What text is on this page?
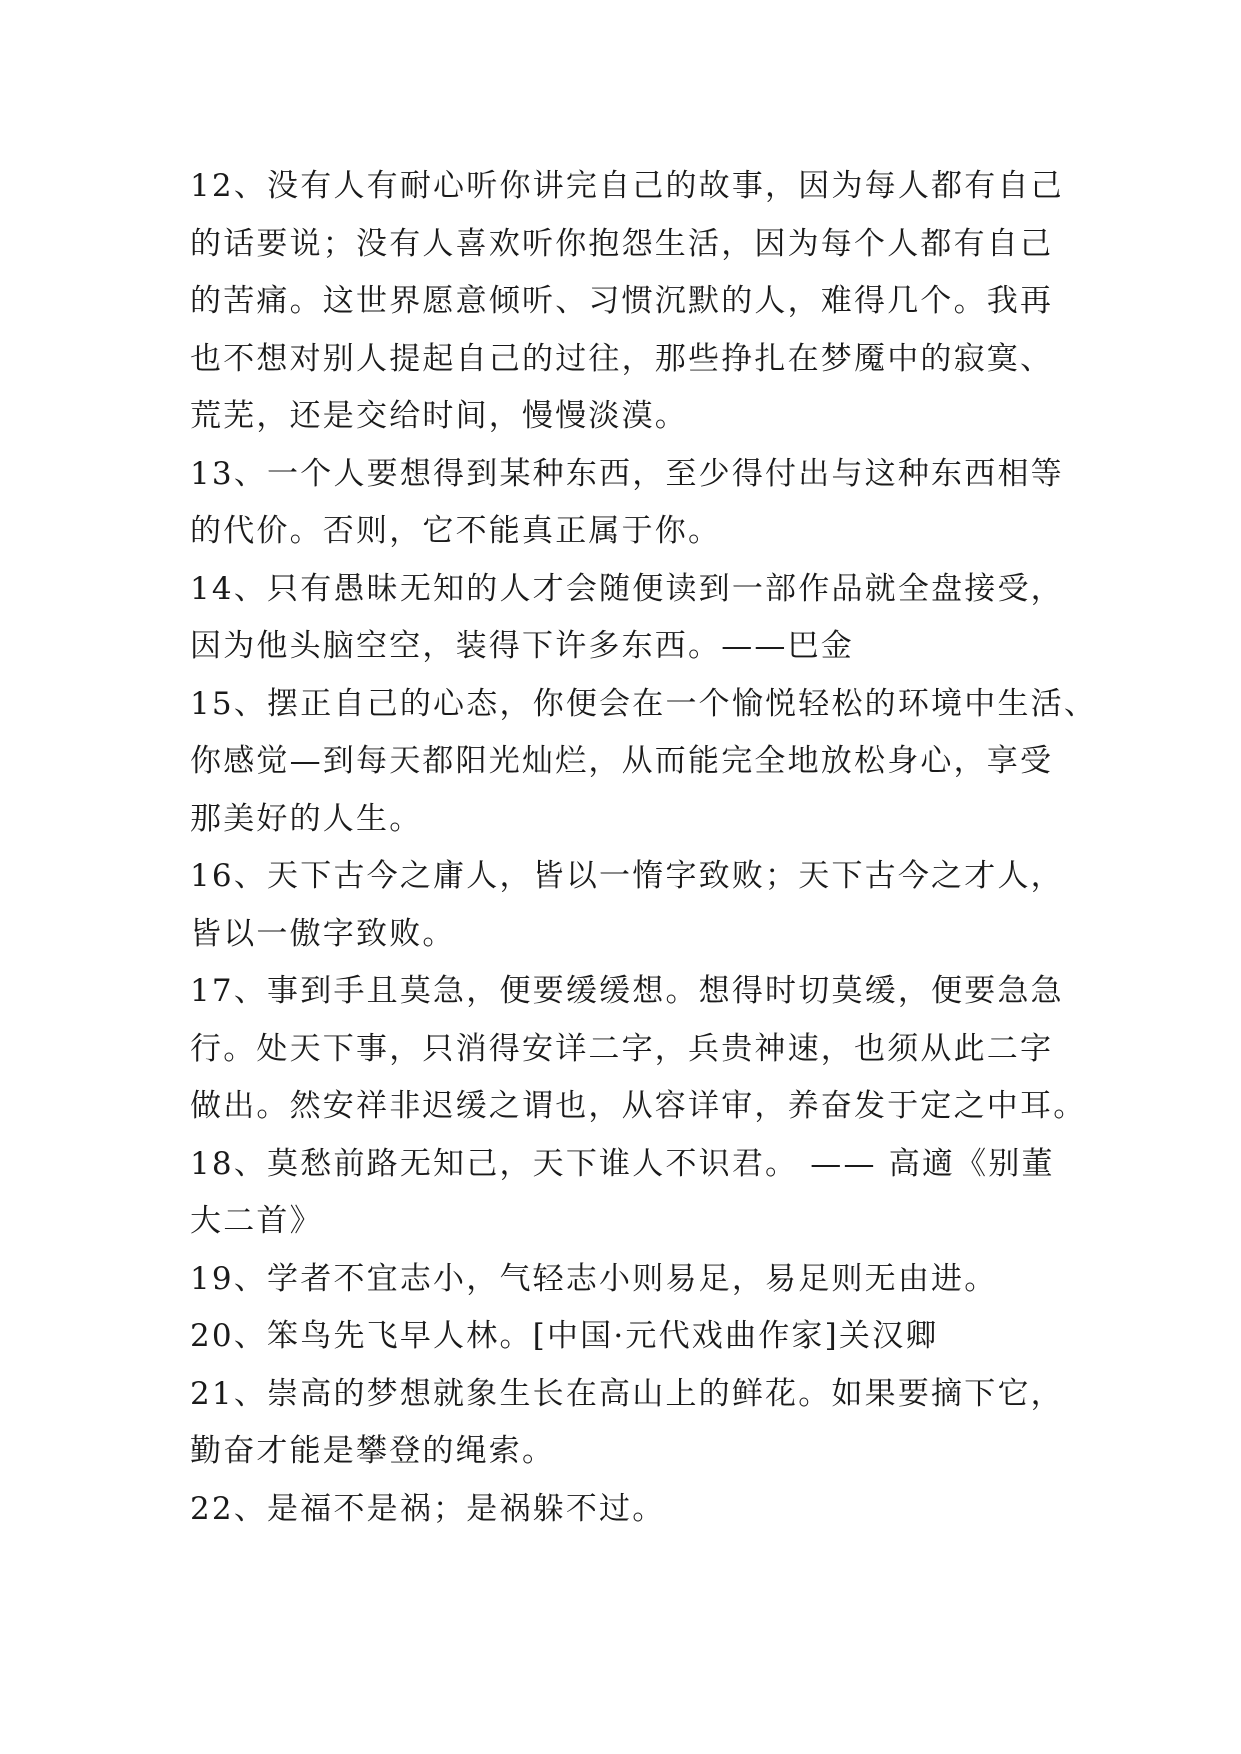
12、没有人有耐心听你讲完自己的故事，因为每人都有自己
的话要说；没有人喜欢听你抱怨生活，因为每个人都有自己
的苦痛。这世界愿意倾听、习惯沉默的人，难得几个。我再
也不想对别人提起自己的过往，那些挣扎在梦魇中的寂寞、
荒芜，还是交给时间，慢慢淡漠。
13、一个人要想得到某种东西，至少得付出与这种东西相等
的代价。否则，它不能真正属于你。
14、只有愚昧无知的人才会随便读到一部作品就全盘接受，
因为他头脑空空，装得下许多东西。——巴金
15、摆正自己的心态，你便会在一个愉悦轻松的环境中生活、
你感觉—到每天都阳光灿烂，从而能完全地放松身心，享受
那美好的人生。
16、天下古今之庸人，皆以一惰字致败；天下古今之才人，
皆以一傲字致败。
17、事到手且莫急，便要缓缓想。想得时切莫缓，便要急急
行。处天下事，只消得安详二字，兵贵神速，也须从此二字
做出。然安祥非迟缓之谓也，从容详审，养奋发于定之中耳。
18、莫愁前路无知己，天下谁人不识君。 —— 高適《别董
大二首》
19、学者不宜志小，气轻志小则易足，易足则无由进。
20、笨鸟先飞早人林。[中国·元代戏曲作家]关汉卿
21、崇高的梦想就象生长在高山上的鲜花。如果要摘下它，
勤奋才能是攀登的绳索。
22、是福不是祸；是祸躲不过。
